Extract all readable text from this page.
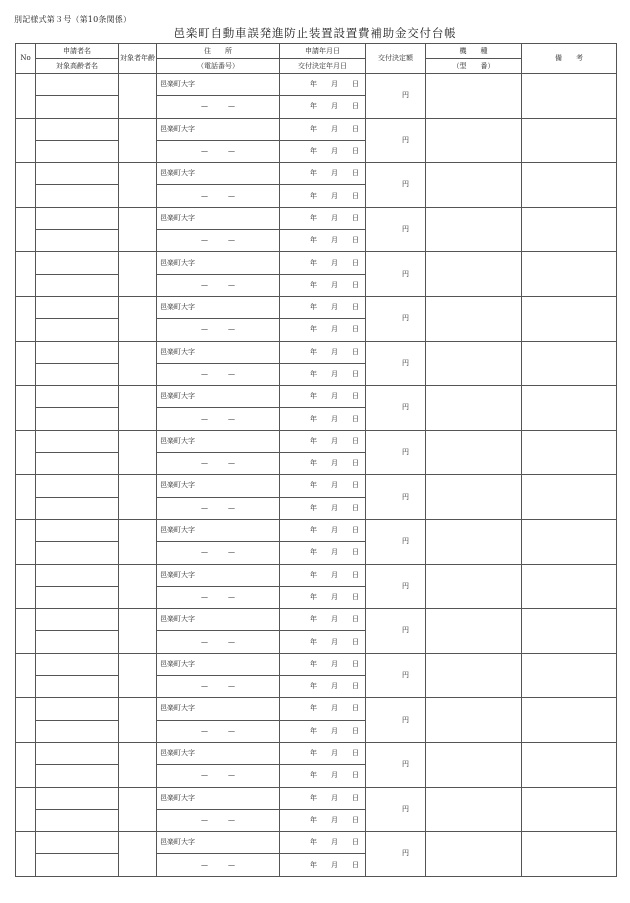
別記様式第３号（第10条関係）
邑楽町自動車誤発進防止装置設置費補助金交付台帳
No	申請者名	対象者年齢	住　　所	申請年月日	交付決定額	機　　種	備　　考
	対象高齢者名		（電話番号）	交付決定年月日		（型　　番）	
			邑楽町大字	年 月 日	円		
			— —	年 月 日			

			邑楽町大字	年 月 日	円		
			— —	年 月 日			

			邑楽町大字	年 月 日	円		
			— —	年 月 日			

			邑楽町大字	年 月 日	円		
			— —	年 月 日			

			邑楽町大字	年 月 日	円		
			— —	年 月 日			

			邑楽町大字	年 月 日	円		
			— —	年 月 日			

			邑楽町大字	年 月 日	円		
			— —	年 月 日			

			邑楽町大字	年 月 日	円		
			— —	年 月 日			

			邑楽町大字	年 月 日	円		
			— —	年 月 日			

			邑楽町大字	年 月 日	円		
			— —	年 月 日			

			邑楽町大字	年 月 日	円		
			— —	年 月 日			

			邑楽町大字	年 月 日	円		
			— —	年 月 日			

			邑楽町大字	年 月 日	円		
			— —	年 月 日			

			邑楽町大字	年 月 日	円		
			— —	年 月 日			

			邑楽町大字	年 月 日	円		
			— —	年 月 日			

			邑楽町大字	年 月 日	円		
			— —	年 月 日			

			邑楽町大字	年 月 日	円		
			— —	年 月 日			

			邑楽町大字	年 月 日	円		
			— —	年 月 日			
